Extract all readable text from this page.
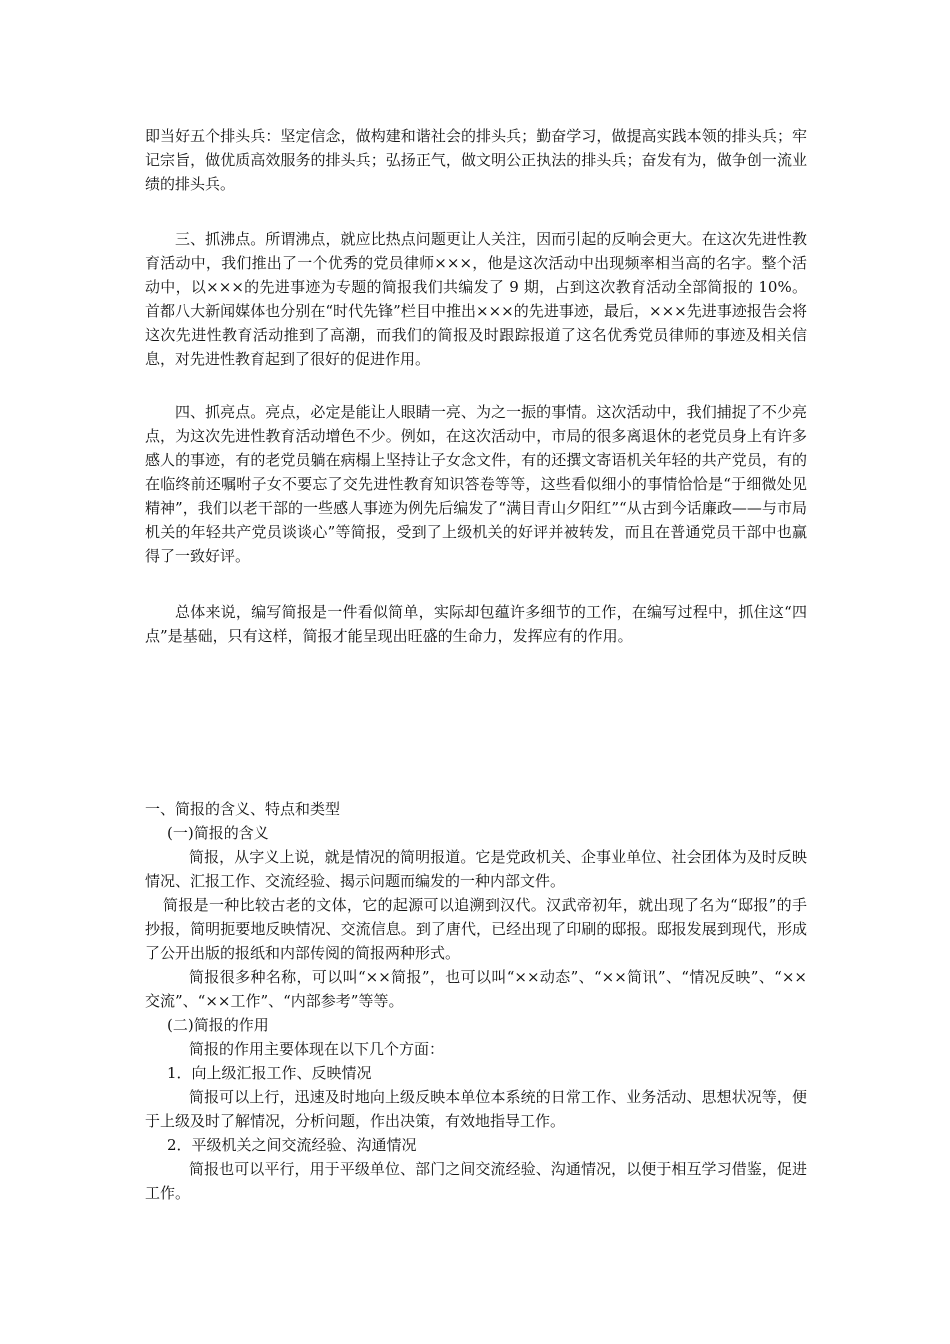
即当好五个排头兵：坚定信念，做构建和谐社会的排头兵；勤奋学习，做提高实践本领的排头兵；牢记宗旨，做优质高效服务的排头兵；弘扬正气，做文明公正执法的排头兵；奋发有为，做争创一流业绩的排头兵。

三、抓沸点。所谓沸点，就应比热点问题更让人关注，因而引起的反响会更大。在这次先进性教育活动中，我们推出了一个优秀的党员律师×××，他是这次活动中出现频率相当高的名字。整个活动中，以×××的先进事迹为专题的简报我们共编发了 9 期，占到这次教育活动全部简报的 10%。首都八大新闻媒体也分别在“时代先锋”栏目中推出×××的先进事迹，最后，×××先进事迹报告会将这次先进性教育活动推到了高潮，而我们的简报及时跟踪报道了这名优秀党员律师的事迹及相关信息，对先进性教育起到了很好的促进作用。

四、抓亮点。亮点，必定是能让人眼睛一亮、为之一振的事情。这次活动中，我们捕捉了不少亮点，为这次先进性教育活动增色不少。例如，在这次活动中，市局的很多离退休的老党员身上有许多感人的事迹，有的老党员躺在病榻上坚持让子女念文件，有的还撰文寄语机关年轻的共产党员，有的在临终前还嘱咐子女不要忘了交先进性教育知识答卷等等，这些看似细小的事情恰恰是“于细微处见精神”，我们以老干部的一些感人事迹为例先后编发了“满目青山夕阳红”“从古到今话廉政——与市局机关的年轻共产党员谈谈心”等简报，受到了上级机关的好评并被转发，而且在普通党员干部中也赢得了一致好评。

总体来说，编写简报是一件看似简单，实际却包蕴许多细节的工作，在编写过程中，抓住这“四点”是基础，只有这样，简报才能呈现出旺盛的生命力，发挥应有的作用。

一、简报的含义、特点和类型

(一)简报的含义

简报，从字义上说，就是情况的简明报道。它是党政机关、企事业单位、社会团体为及时反映情况、汇报工作、交流经验、揭示问题而编发的一种内部文件。

简报是一种比较古老的文体，它的起源可以追溯到汉代。汉武帝初年，就出现了名为“邸报”的手抄报，简明扼要地反映情况、交流信息。到了唐代，已经出现了印刷的邸报。邸报发展到现代，形成了公开出版的报纸和内部传阅的简报两种形式。

简报很多种名称，可以叫“××简报”，也可以叫“××动态”、“××简讯”、“情况反映”、“××交流”、“××工作”、“内部参考”等等。

(二)简报的作用

简报的作用主要体现在以下几个方面：

1．向上级汇报工作、反映情况

简报可以上行，迅速及时地向上级反映本单位本系统的日常工作、业务活动、思想状况等，便于上级及时了解情况，分析问题，作出决策，有效地指导工作。

2．平级机关之间交流经验、沟通情况

简报也可以平行，用于平级单位、部门之间交流经验、沟通情况，以便于相互学习借鉴，促进工作。
